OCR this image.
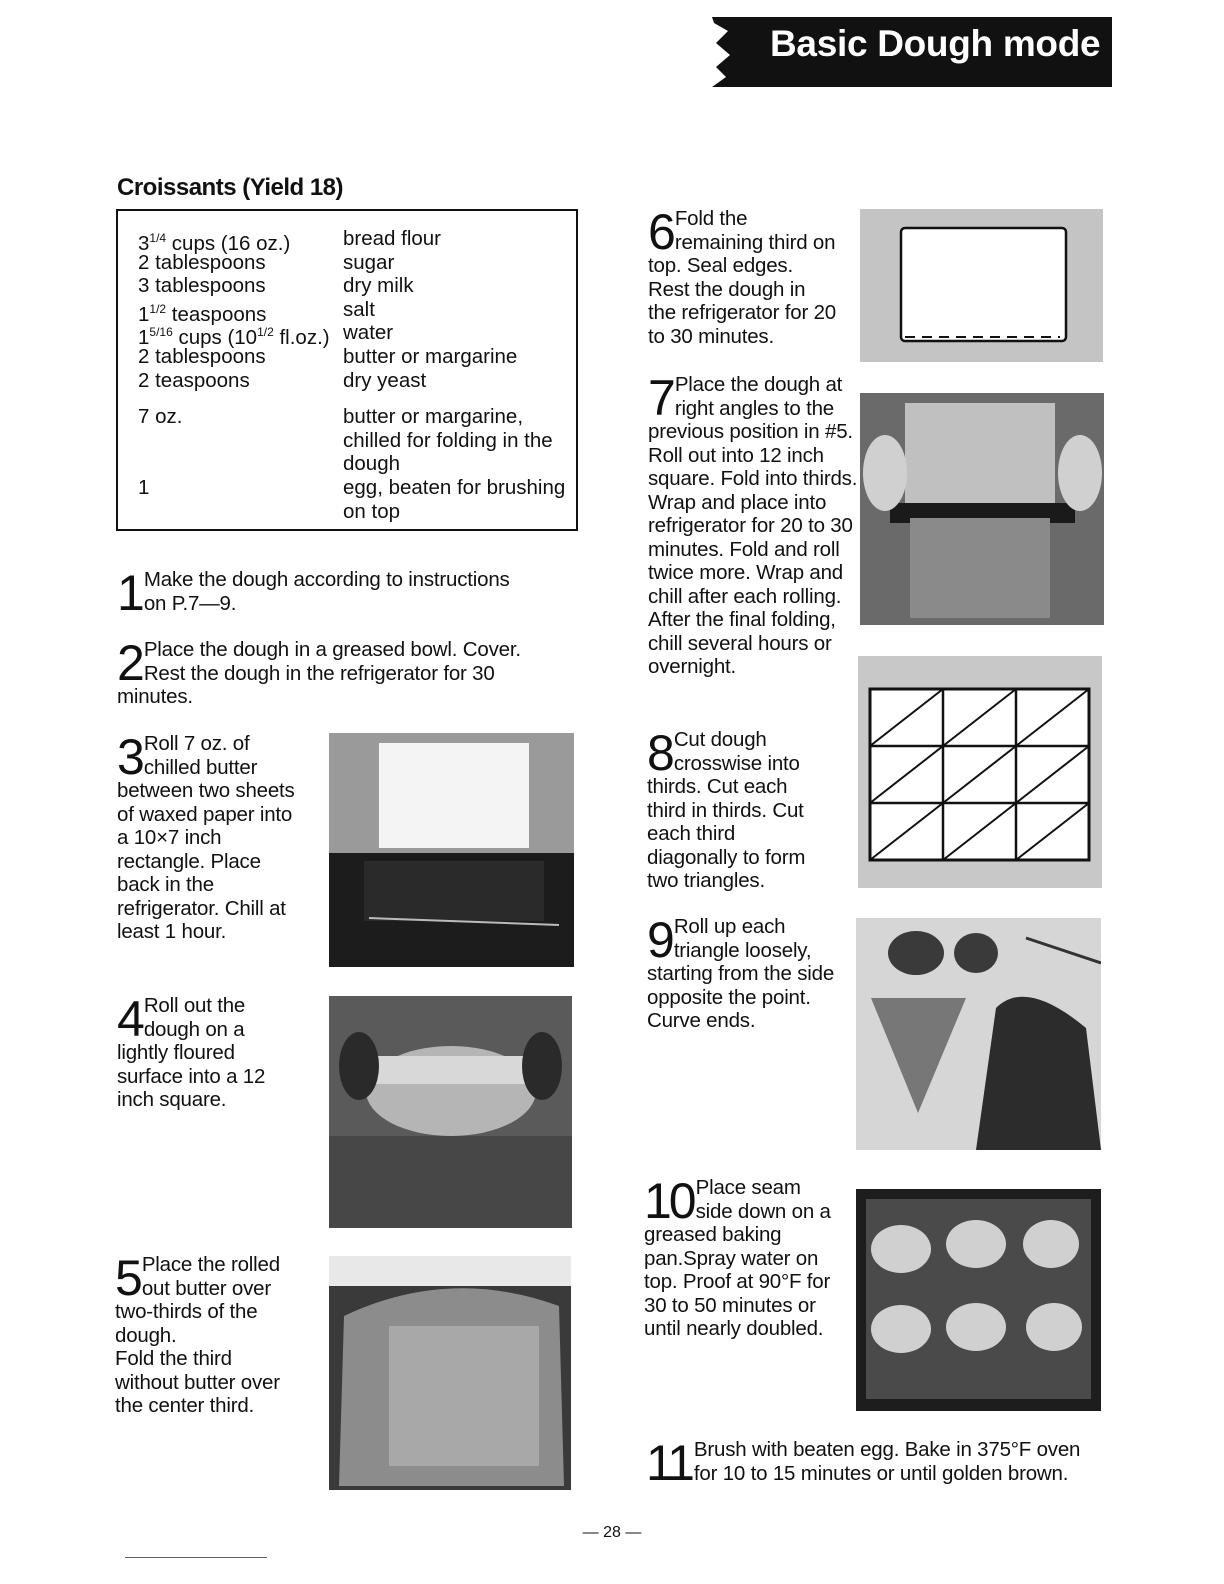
Basic Dough mode
Croissants (Yield 18)
$3^{1/4}$ cups (16 oz.)	bread flour
2 tablespoons	sugar
3 tablespoons	dry milk
$1^{1/2}$ teaspoons	salt
$1^{5/16}$ cups ($10^{1/2}$ fl.oz.) water
2 tablespoons	butter or margarine
2 teaspoons	dry yeast
7 oz.	butter or margarine, chilled for folding in the dough
1	egg, beaten for brushing on top
1 Make the dough according to instructions on P.7—9.
2 Place the dough in a greased bowl. Cover. Rest the dough in the refrigerator for 30 minutes.
3 Roll 7 oz. of chilled butter between two sheets of waxed paper into a 10×7 inch rectangle. Place back in the refrigerator. Chill at least 1 hour.
4 Roll out the dough on a lightly floured surface into a 12 inch square.
5 Place the rolled out butter over two-thirds of the dough.
Fold the third without butter over the center third.
6 Fold the remaining third on top. Seal edges. Rest the dough in the refrigerator for 20 to 30 minutes.
7 Place the dough at right angles to the previous position in #5. Roll out into 12 inch square. Fold into thirds. Wrap and place into refrigerator for 20 to 30 minutes. Fold and roll twice more. Wrap and chill after each rolling. After the final folding, chill several hours or overnight.
8 Cut dough crosswise into thirds. Cut each third in thirds. Cut each third diagonally to form two triangles.
9 Roll up each triangle loosely, starting from the side opposite the point. Curve ends.
10 Place seam side down on a greased baking pan.Spray water on top. Proof at 90°F for 30 to 50 minutes or until nearly doubled.
11 Brush with beaten egg. Bake in 375°F oven for 10 to 15 minutes or until golden brown.
— 28 —
